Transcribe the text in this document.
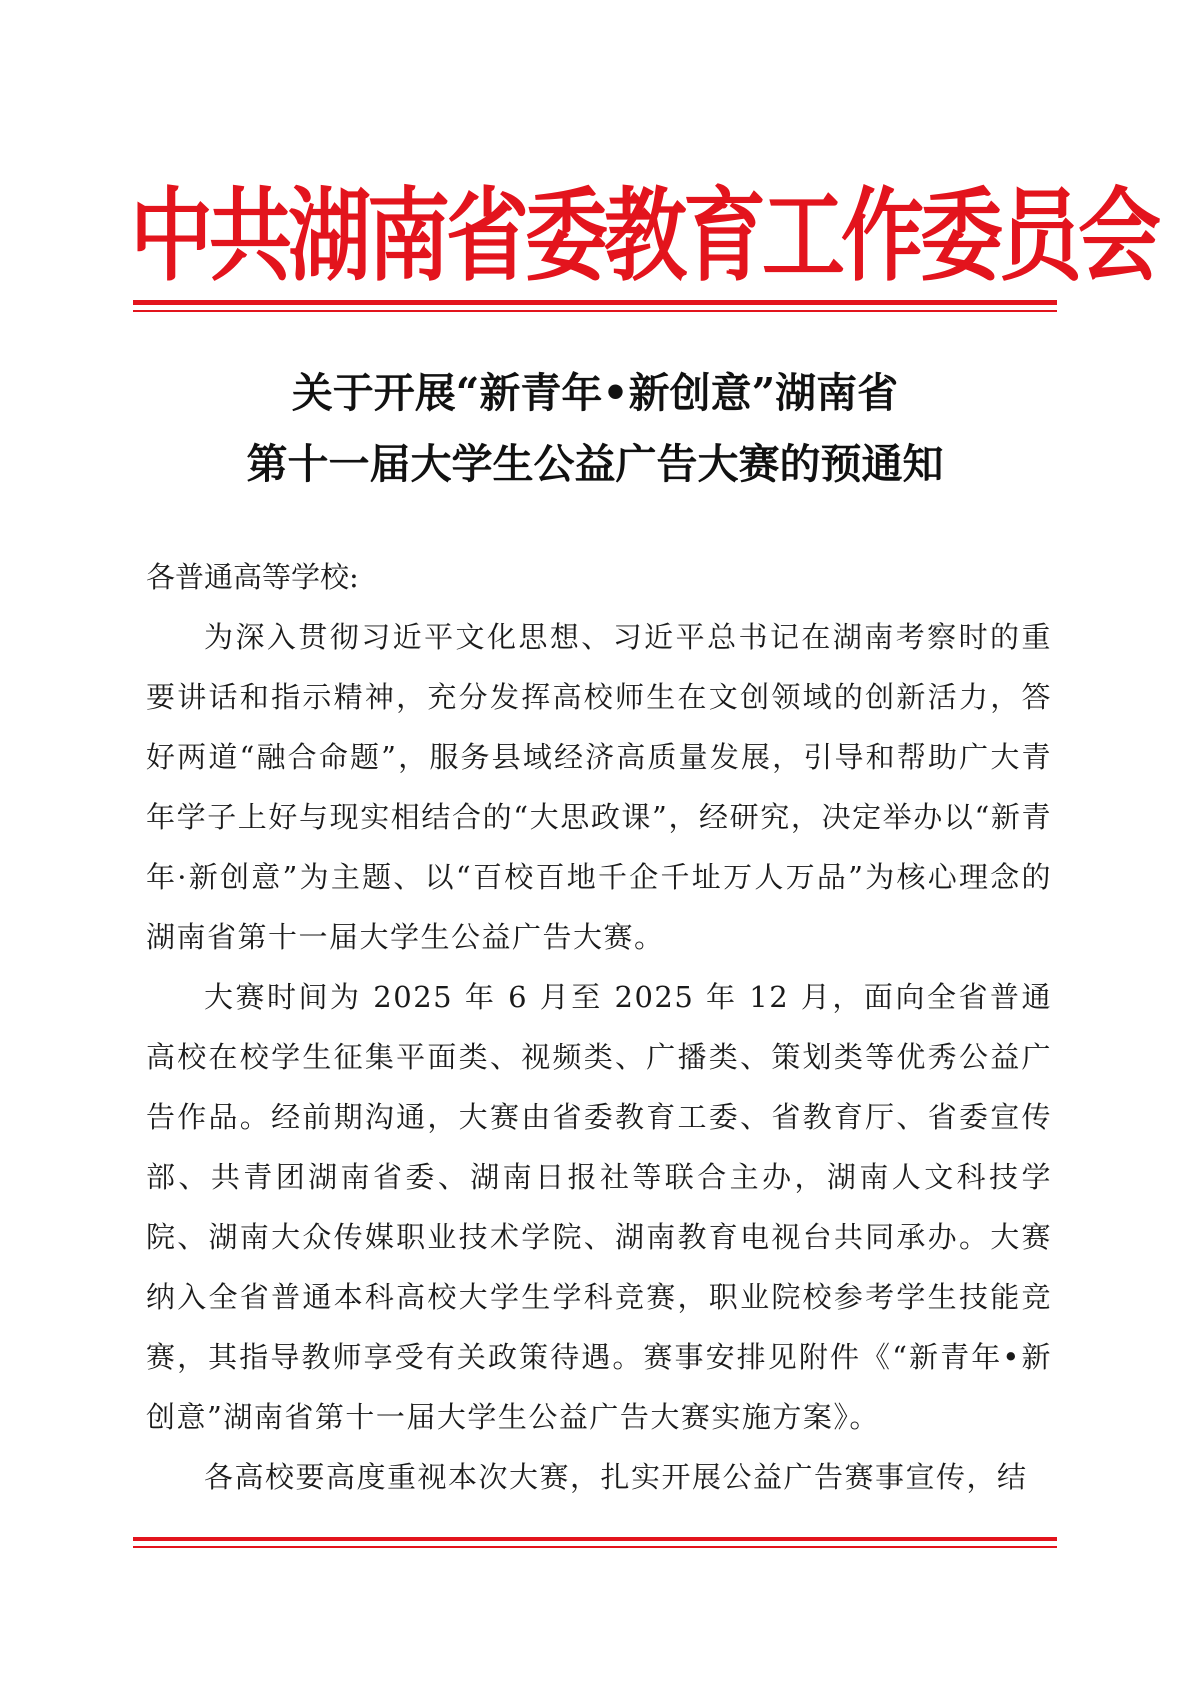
中共湖南省委教育工作委员会
关于开展“新青年•新创意”湖南省
第十一届大学生公益广告大赛的预通知

各普通高等学校:

为深入贯彻习近平文化思想、习近平总书记在湖南考察时的重要讲话和指示精神，充分发挥高校师生在文创领域的创新活力，答好两道“融合命题”，服务县域经济高质量发展，引导和帮助广大青年学子上好与现实相结合的“大思政课”，经研究，决定举办以“新青年·新创意”为主题、以“百校百地千企千址万人万品”为核心理念的湖南省第十一届大学生公益广告大赛。

大赛时间为 2025 年 6 月至 2025 年 12 月，面向全省普通高校在校学生征集平面类、视频类、广播类、策划类等优秀公益广告作品。经前期沟通，大赛由省委教育工委、省教育厅、省委宣传部、共青团湖南省委、湖南日报社等联合主办，湖南人文科技学院、湖南大众传媒职业技术学院、湖南教育电视台共同承办。大赛纳入全省普通本科高校大学生学科竞赛，职业院校参考学生技能竞赛，其指导教师享受有关政策待遇。赛事安排见附件《“新青年•新创意”湖南省第十一届大学生公益广告大赛实施方案》。

各高校要高度重视本次大赛，扎实开展公益广告赛事宣传，结
